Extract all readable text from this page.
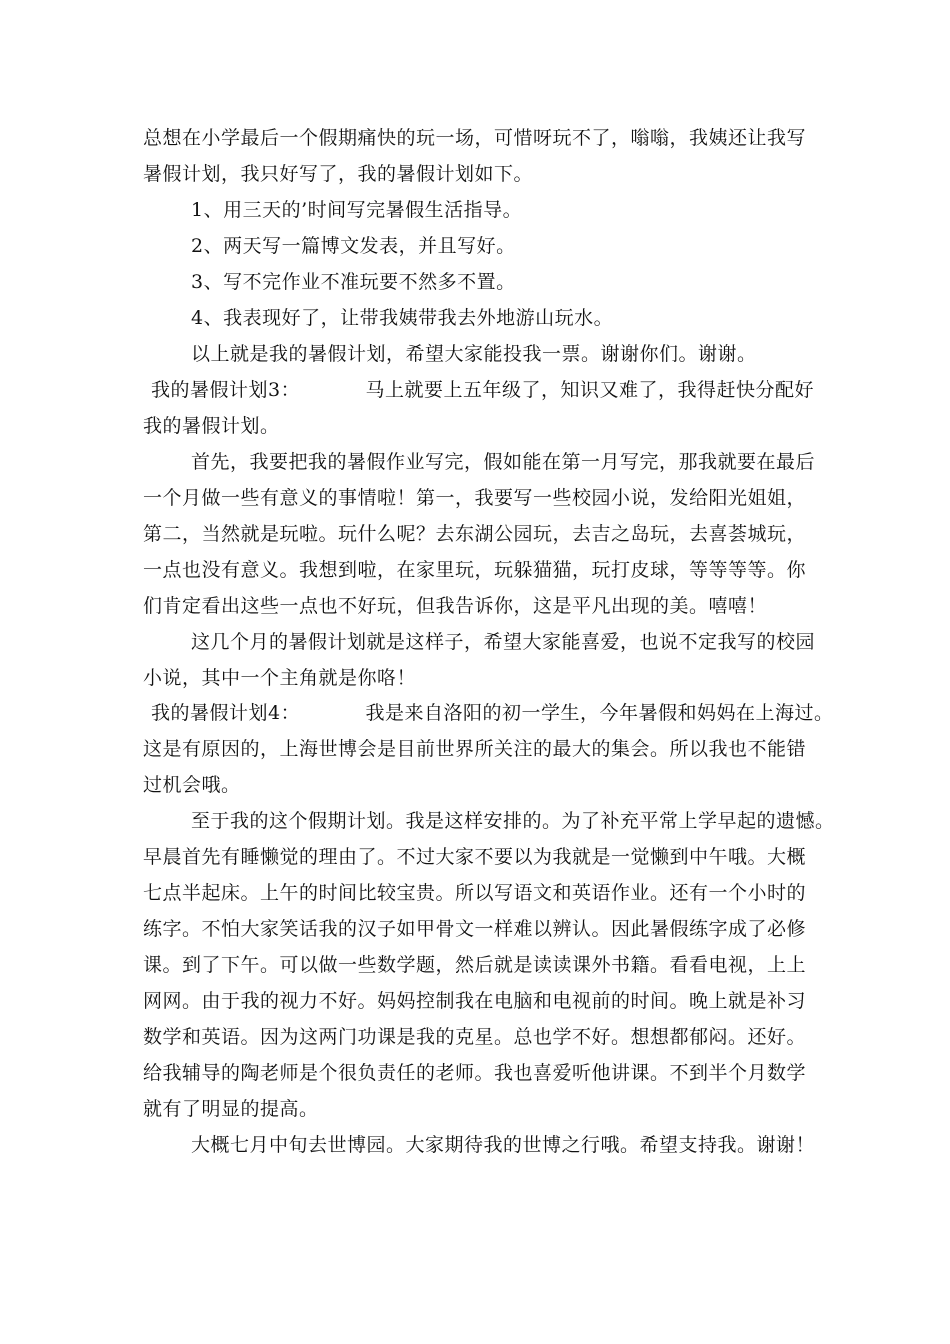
总想在小学最后一个假期痛快的玩一场，可惜呀玩不了，嗡嗡，我姨还让我写
暑假计划，我只好写了，我的暑假计划如下。
1、用三天的’时间写完暑假生活指导。
2、两天写一篇博文发表，并且写好。
3、写不完作业不准玩要不然多不置。
4、我表现好了，让带我姨带我去外地游山玩水。
以上就是我的暑假计划，希望大家能投我一票。谢谢你们。谢谢。
我的暑假计划3：          马上就要上五年级了，知识又难了，我得赶快分配好
我的暑假计划。
首先，我要把我的暑假作业写完，假如能在第一月写完，那我就要在最后
一个月做一些有意义的事情啦！第一，我要写一些校园小说，发给阳光姐姐，
第二，当然就是玩啦。玩什么呢？去东湖公园玩，去吉之岛玩，去喜荟城玩，
一点也没有意义。我想到啦，在家里玩，玩躲猫猫，玩打皮球，等等等等。你
们肯定看出这些一点也不好玩，但我告诉你，这是平凡出现的美。嘻嘻！
这几个月的暑假计划就是这样子，希望大家能喜爱，也说不定我写的校园
小说，其中一个主角就是你咯！
我的暑假计划4：          我是来自洛阳的初一学生，今年暑假和妈妈在上海过。
这是有原因的，上海世博会是目前世界所关注的最大的集会。所以我也不能错
过机会哦。
至于我的这个假期计划。我是这样安排的。为了补充平常上学早起的遗憾。
早晨首先有睡懒觉的理由了。不过大家不要以为我就是一觉懒到中午哦。大概
七点半起床。上午的时间比较宝贵。所以写语文和英语作业。还有一个小时的
练字。不怕大家笑话我的汉子如甲骨文一样难以辨认。因此暑假练字成了必修
课。到了下午。可以做一些数学题，然后就是读读课外书籍。看看电视，上上
网网。由于我的视力不好。妈妈控制我在电脑和电视前的时间。晚上就是补习
数学和英语。因为这两门功课是我的克星。总也学不好。想想都郁闷。还好。
给我辅导的陶老师是个很负责任的老师。我也喜爱听他讲课。不到半个月数学
就有了明显的提高。
大概七月中旬去世博园。大家期待我的世博之行哦。希望支持我。谢谢！
